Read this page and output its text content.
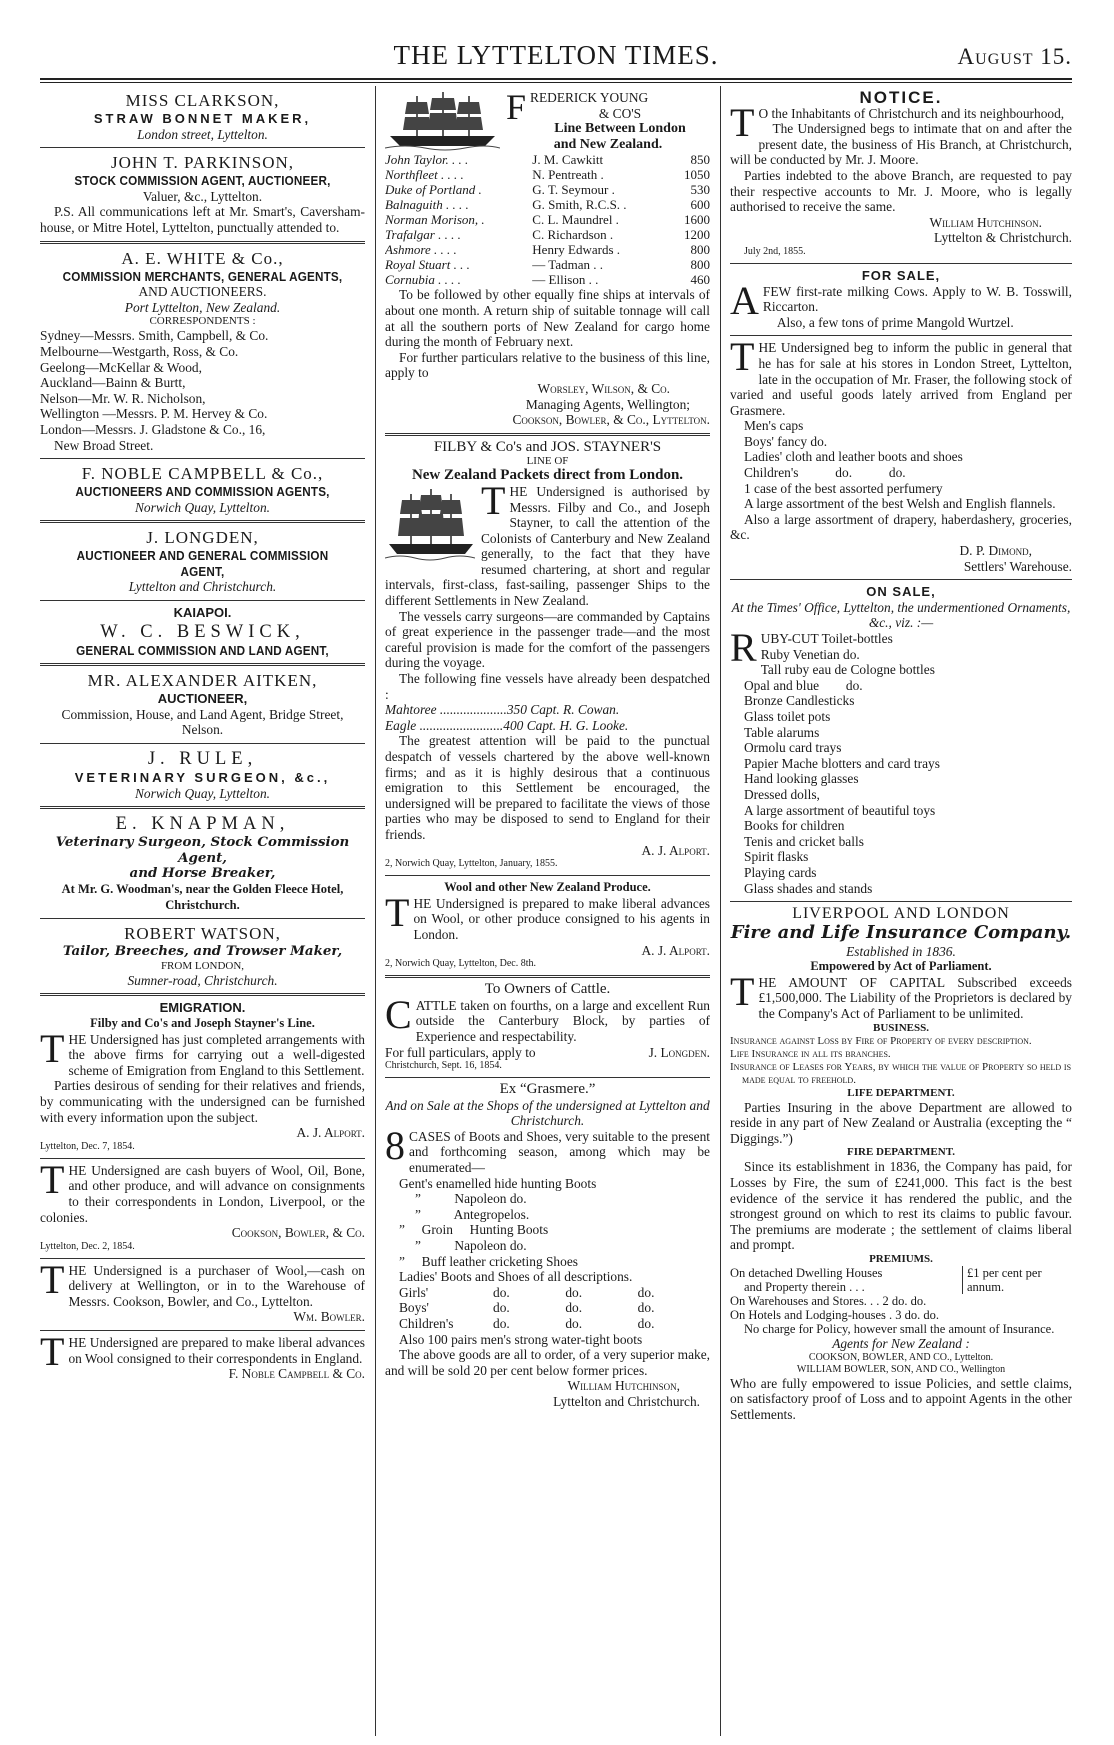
THE LYTTELTON TIMES.	August 15.
MISS CLARKSON,
STRAW BONNET MAKER,
London street, Lyttelton.
JOHN T. PARKINSON,
STOCK COMMISSION AGENT, AUCTIONEER,
Valuer, &c., Lyttelton.

P.S. All communications left at Mr. Smart's, Caversham-house, or Mitre Hotel, Lyttelton, punctually attended to.

A. E. WHITE & Co.,
COMMISSION MERCHANTS, GENERAL AGENTS,
AND AUCTIONEERS.
Port Lyttelton, New Zealand.
CORRESPONDENTS :
Sydney—Messrs. Smith, Campbell, & Co.
Melbourne—Westgarth, Ross, & Co.
Geelong—McKellar & Wood,
Auckland—Bainn & Burtt,
Nelson—Mr. W. R. Nicholson,
Wellington —Messrs. P. M. Hervey & Co.
London—Messrs. J. Gladstone & Co., 16,
New Broad Street.
F. NOBLE CAMPBELL & Co.,
AUCTIONEERS AND COMMISSION AGENTS,
Norwich Quay, Lyttelton.
J. LONGDEN,
AUCTIONEER AND GENERAL COMMISSION AGENT,
Lyttelton and Christchurch.
KAIAPOI.
W. C. BESWICK,
GENERAL COMMISSION AND LAND AGENT,
MR. ALEXANDER AITKEN,
AUCTIONEER,
Commission, House, and Land Agent, Bridge Street, Nelson.
J. RULE,
VETERINARY SURGEON, &c.,
Norwich Quay, Lyttelton.
E. KNAPMAN,
Veterinary Surgeon, Stock Commission Agent,
and Horse Breaker,
At Mr. G. Woodman's, near the Golden Fleece Hotel, Christchurch.
ROBERT WATSON,
Tailor, Breeches, and Trowser Maker,
FROM LONDON,
Sumner-road, Christchurch.
EMIGRATION.
Filby and Co's and Joseph Stayner's Line.

THE Undersigned has just completed arrangements with the above firms for carrying out a well-digested scheme of Emigration from England to this Settlement.

Parties desirous of sending for their relatives and friends, by communicating with the undersigned can be furnished with every information upon the subject.

A. J. Alport.
Lyttelton, Dec. 7, 1854.

THE Undersigned are cash buyers of Wool, Oil, Bone, and other produce, and will advance on consignments to their correspondents in London, Liverpool, or the colonies.

Cookson, Bowler, & Co.
Lyttelton, Dec. 2, 1854.

THE Undersigned is a purchaser of Wool,—cash on delivery at Wellington, or in to the Warehouse of Messrs. Cookson, Bowler, and Co., Lyttelton.

Wm. Bowler.

THE Undersigned are prepared to make liberal advances on Wool consigned to their correspondents in England.

F. Noble Campbell & Co.
FREDERICK YOUNG
& CO'S
Line Between London
and New Zealand.
John Taylor. . . .	J. M. Cawkitt	850
Northfleet . . . .	N. Pentreath .	1050
Duke of Portland .	G. T. Seymour .	530
Balnaguith . . . .	G. Smith, R.C.S. .	600
Norman Morison, .	C. L. Maundrel .	1600
Trafalgar . . . .	C. Richardson .	1200
Ashmore . . . .	Henry Edwards .	800
Royal Stuart . . .	— Tadman . .	800
Cornubia . . . .	— Ellison . .	460

To be followed by other equally fine ships at intervals of about one month. A return ship of suitable tonnage will call at all the southern ports of New Zealand for cargo home during the month of February next.

For further particulars relative to the business of this line, apply to

Worsley, Wilson, & Co.
Managing Agents, Wellington;
Cookson, Bowler, & Co., Lyttelton.
FILBY & Co's and JOS. STAYNER'S
LINE OF
New Zealand Packets direct from London.

THE Undersigned is authorised by Messrs. Filby and Co., and Joseph Stayner, to call the attention of the Colonists of Canterbury and New Zealand generally, to the fact that they have resumed chartering, at short and regular intervals, first-class, fast-sailing, passenger Ships to the different Settlements in New Zealand.

The vessels carry surgeons—are commanded by Captains of great experience in the passenger trade—and the most careful provision is made for the comfort of the passengers during the voyage.

The following fine vessels have already been despatched :

Mahtoree ....................350 Capt. R. Cowan.
Eagle .........................400 Capt. H. G. Looke.

The greatest attention will be paid to the punctual despatch of vessels chartered by the above well-known firms; and as it is highly desirous that a continuous emigration to this Settlement be encouraged, the undersigned will be prepared to facilitate the views of those parties who may be disposed to send to England for their friends.

A. J. Alport.
2, Norwich Quay, Lyttelton, January, 1855.
Wool and other New Zealand Produce.

THE Undersigned is prepared to make liberal advances on Wool, or other produce consigned to his agents in London.

A. J. Alport.
2, Norwich Quay, Lyttelton, Dec. 8th.
To Owners of Cattle.

CATTLE taken on fourths, on a large and excellent Run outside the Canterbury Block, by parties of Experience and respectability.

For full particulars, apply to	J. Longden.
Christchurch, Sept. 16, 1854.
Ex “Grasmere.”
And on Sale at the Shops of the undersigned at Lyttelton and Christchurch.

8 CASES of Boots and Shoes, very suitable to the present and forthcoming season, among which may be enumerated—

Gent's enamelled hide hunting Boots
”          Napoleon do.
”          Antegropelos.
”     Groin     Hunting Boots
”          Napoleon do.
”     Buff leather cricketing Shoes
Ladies' Boots and Shoes of all descriptions.
Girls'	do.	do.	do.
Boys'	do.	do.	do.
Children's	do.	do.	do.
Also 100 pairs men's strong water-tight boots

The above goods are all to order, of a very superior make, and will be sold 20 per cent below former prices.

William Hutchinson,
Lyttelton and Christchurch.
NOTICE.

T O the Inhabitants of Christchurch and its neighbourhood,

The Undersigned begs to intimate that on and after the present date, the business of His Branch, at Christchurch, will be conducted by Mr. J. Moore.

Parties indebted to the above Branch, are requested to pay their respective accounts to Mr. J. Moore, who is legally authorised to receive the same.

William Hutchinson.
Lyttelton & Christchurch.
July 2nd, 1855.
FOR SALE,

AFEW first-rate milking Cows. Apply to W. B. Tosswill, Riccarton.

Also, a few tons of prime Mangold Wurtzel.

THE Undersigned beg to inform the public in general that he has for sale at his stores in London Street, Lyttelton, late in the occupation of Mr. Fraser, the following stock of varied and useful goods lately arrived from England per Grasmere.

Men's caps
Boys' fancy do.
Ladies' cloth and leather boots and shoes
Children's           do.           do.
1 case of the best assorted perfumery

A large assortment of the best Welsh and English flannels.

Also a large assortment of drapery, haberdashery, groceries, &c.

D. P. Dimond,
Settlers' Warehouse.
ON SALE,
At the Times' Office, Lyttelton, the undermentioned Ornaments, &c., viz. :—
RUBY-CUT Toilet-bottles
Ruby Venetian do.
Tall ruby eau de Cologne bottles
Opal and blue        do.
Bronze Candlesticks
Glass toilet pots
Table alarums
Ormolu card trays
Papier Mache blotters and card trays
Hand looking glasses
Dressed dolls,
A large assortment of beautiful toys
Books for children
Tenis and cricket balls
Spirit flasks
Playing cards
Glass shades and stands
LIVERPOOL AND LONDON
Fire and Life Insurance Company.
Established in 1836.
Empowered by Act of Parliament.

THE AMOUNT OF CAPITAL Subscribed exceeds £1,500,000. The Liability of the Proprietors is declared by the Company's Act of Parliament to be unlimited.

BUSINESS.
Insurance against Loss by Fire of Property of every description.
Life Insurance in all its branches.
Insurance of Leases for Years, by which the value of Property so held is made equal to freehold.
LIFE DEPARTMENT.

Parties Insuring in the above Department are allowed to reside in any part of New Zealand or Australia (excepting the “ Diggings.”)

FIRE DEPARTMENT.

Since its establishment in 1836, the Company has paid, for Losses by Fire, the sum of £241,000. This fact is the best evidence of the service it has rendered the public, and the strongest ground on which to rest its claims to public favour. The premiums are moderate ; the settlement of claims liberal and prompt.

PREMIUMS.
On detached Dwelling Houses
and Property therein . . .
£1 per cent per annum.
On Warehouses and Stores. . . 2 do. do.
On Hotels and Lodging-houses . 3 do. do.
No charge for Policy, however small the amount of Insurance.
Agents for New Zealand :
COOKSON, BOWLER, AND CO., Lyttelton.
WILLIAM BOWLER, SON, AND CO., Wellington

Who are fully empowered to issue Policies, and settle claims, on satisfactory proof of Loss and to appoint Agents in the other Settlements.
